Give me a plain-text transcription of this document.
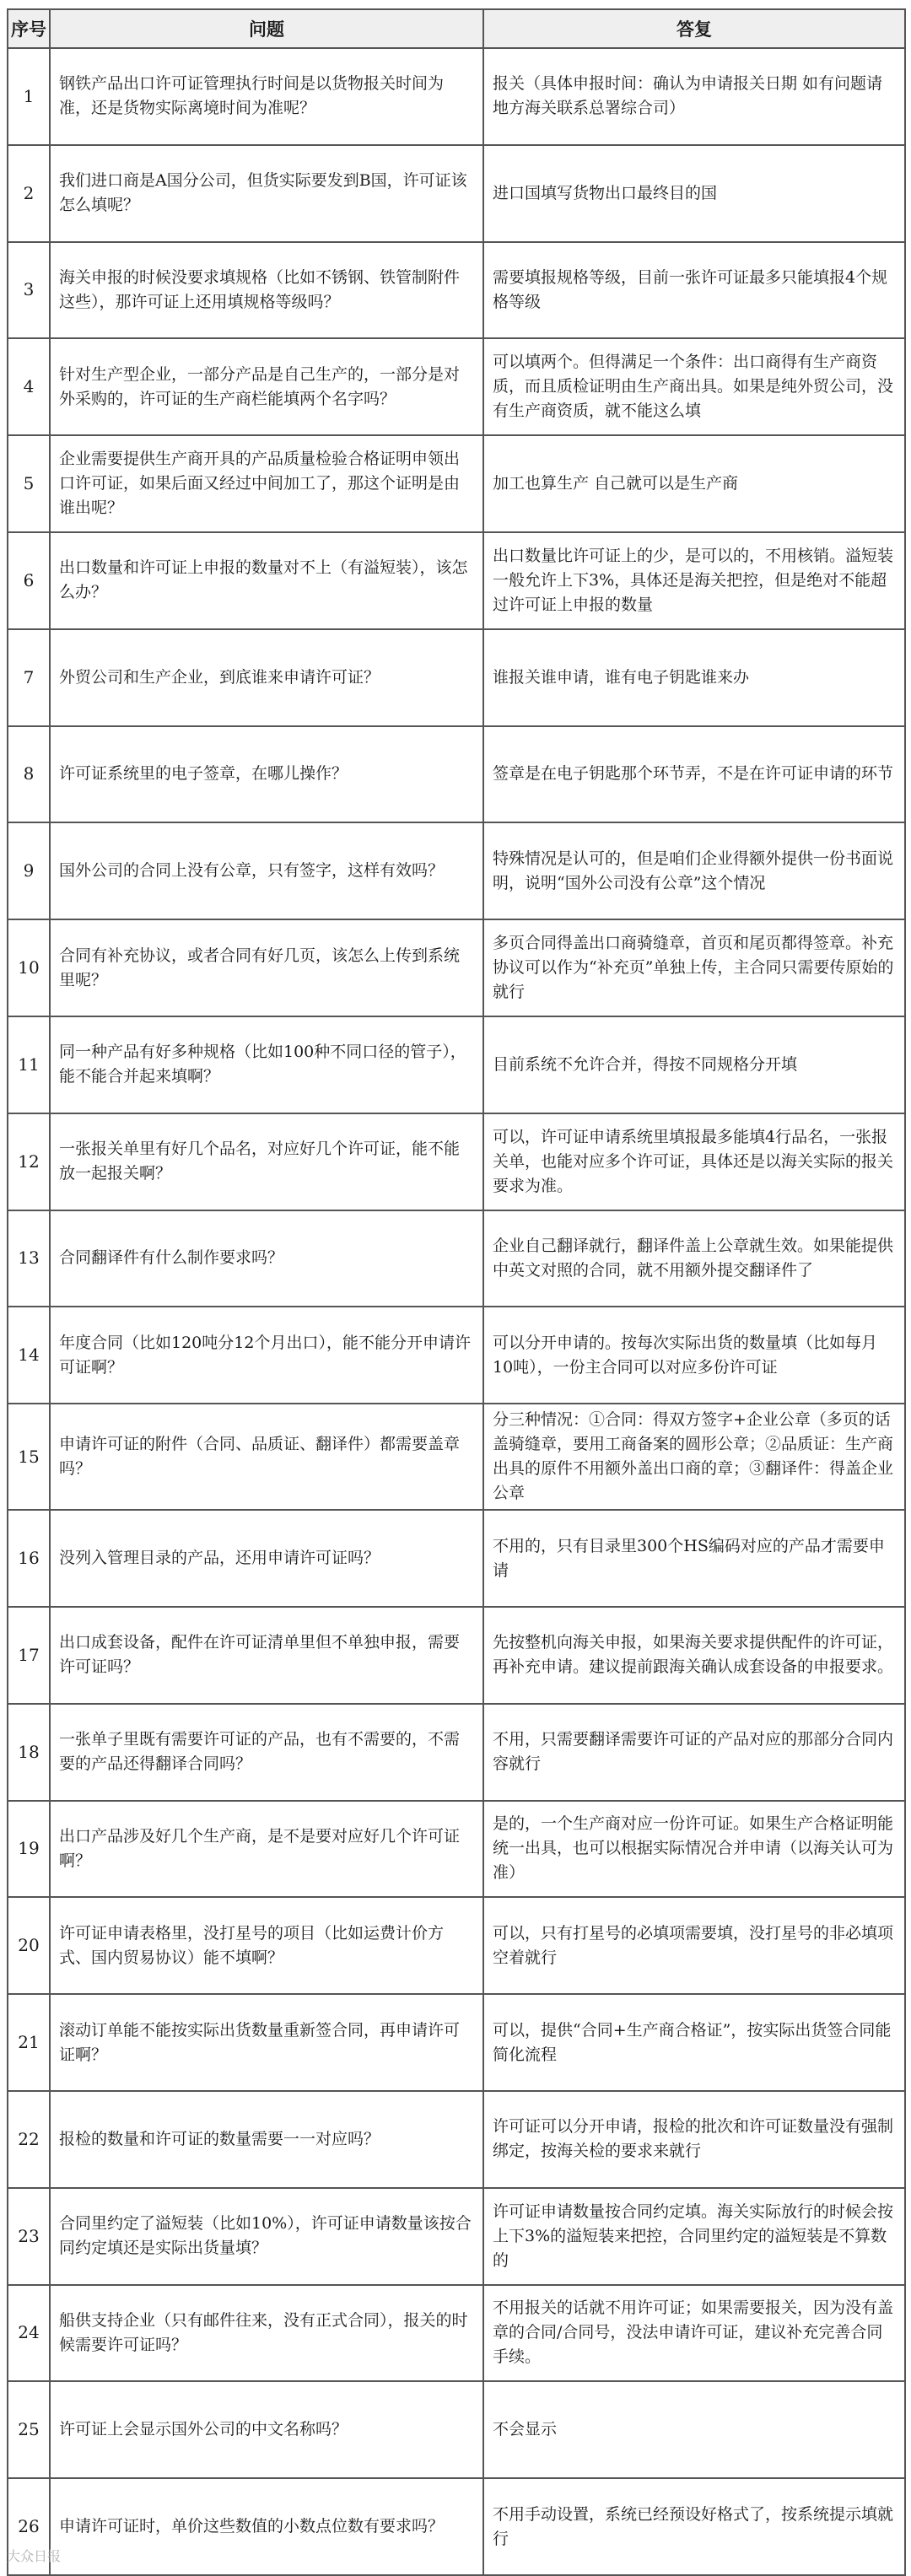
序号	问题	答复
1	钢铁产品出口许可证管理执行时间是以货物报关时间为准，还是货物实际离境时间为准呢？	报关（具体申报时间：确认为申请报关日期 如有问题请地方海关联系总署综合司）
2	我们进口商是A国分公司，但货实际要发到B国，许可证该怎么填呢？	进口国填写货物出口最终目的国
3	海关申报的时候没要求填规格（比如不锈钢、铁管制附件这些），那许可证上还用填规格等级吗？	需要填报规格等级，目前一张许可证最多只能填报4个规格等级
4	针对生产型企业，一部分产品是自己生产的，一部分是对外采购的，许可证的生产商栏能填两个名字吗？	可以填两个。但得满足一个条件：出口商得有生产商资质，而且质检证明由生产商出具。如果是纯外贸公司，没有生产商资质，就不能这么填
5	企业需要提供生产商开具的产品质量检验合格证明申领出口许可证，如果后面又经过中间加工了，那这个证明是由谁出呢？	加工也算生产 自己就可以是生产商
6	出口数量和许可证上申报的数量对不上（有溢短装），该怎么办？	出口数量比许可证上的少，是可以的，不用核销。溢短装一般允许上下3%，具体还是海关把控，但是绝对不能超过许可证上申报的数量
7	外贸公司和生产企业，到底谁来申请许可证？	谁报关谁申请，谁有电子钥匙谁来办
8	许可证系统里的电子签章，在哪儿操作？	签章是在电子钥匙那个环节弄，不是在许可证申请的环节
9	国外公司的合同上没有公章，只有签字，这样有效吗？	特殊情况是认可的，但是咱们企业得额外提供一份书面说明，说明“国外公司没有公章”这个情况
10	合同有补充协议，或者合同有好几页，该怎么上传到系统里呢？	多页合同得盖出口商骑缝章，首页和尾页都得签章。补充协议可以作为“补充页”单独上传，主合同只需要传原始的就行
11	同一种产品有好多种规格（比如100种不同口径的管子），能不能合并起来填啊？	目前系统不允许合并，得按不同规格分开填
12	一张报关单里有好几个品名，对应好几个许可证，能不能放一起报关啊？	可以，许可证申请系统里填报最多能填4行品名，一张报关单，也能对应多个许可证，具体还是以海关实际的报关要求为准。
13	合同翻译件有什么制作要求吗？	企业自己翻译就行，翻译件盖上公章就生效。如果能提供中英文对照的合同，就不用额外提交翻译件了
14	年度合同（比如120吨分12个月出口），能不能分开申请许可证啊？	可以分开申请的。按每次实际出货的数量填（比如每月10吨），一份主合同可以对应多份许可证
15	申请许可证的附件（合同、品质证、翻译件）都需要盖章吗？	分三种情况：①合同：得双方签字+企业公章（多页的话盖骑缝章，要用工商备案的圆形公章；②品质证：生产商出具的原件不用额外盖出口商的章；③翻译件：得盖企业公章
16	没列入管理目录的产品，还用申请许可证吗？	不用的，只有目录里300个HS编码对应的产品才需要申请
17	出口成套设备，配件在许可证清单里但不单独申报，需要许可证吗？	先按整机向海关申报，如果海关要求提供配件的许可证，再补充申请。建议提前跟海关确认成套设备的申报要求。
18	一张单子里既有需要许可证的产品，也有不需要的，不需要的产品还得翻译合同吗？	不用，只需要翻译需要许可证的产品对应的那部分合同内容就行
19	出口产品涉及好几个生产商，是不是要对应好几个许可证啊？	是的，一个生产商对应一份许可证。如果生产合格证明能统一出具，也可以根据实际情况合并申请（以海关认可为准）
20	许可证申请表格里，没打星号的项目（比如运费计价方式、国内贸易协议）能不填啊？	可以，只有打星号的必填项需要填，没打星号的非必填项空着就行
21	滚动订单能不能按实际出货数量重新签合同，再申请许可证啊？	可以，提供“合同+生产商合格证”，按实际出货签合同能简化流程
22	报检的数量和许可证的数量需要一一对应吗？	许可证可以分开申请，报检的批次和许可证数量没有强制绑定，按海关检的要求来就行
23	合同里约定了溢短装（比如10%），许可证申请数量该按合同约定填还是实际出货量填？	许可证申请数量按合同约定填。海关实际放行的时候会按上下3%的溢短装来把控，合同里约定的溢短装是不算数的
24	船供支持企业（只有邮件往来，没有正式合同），报关的时候需要许可证吗？	不用报关的话就不用许可证；如果需要报关，因为没有盖章的合同/合同号，没法申请许可证，建议补充完善合同手续。
25	许可证上会显示国外公司的中文名称吗？	不会显示
26	申请许可证时，单价这些数值的小数点位数有要求吗？	不用手动设置，系统已经预设好格式了，按系统提示填就行
大众日报
